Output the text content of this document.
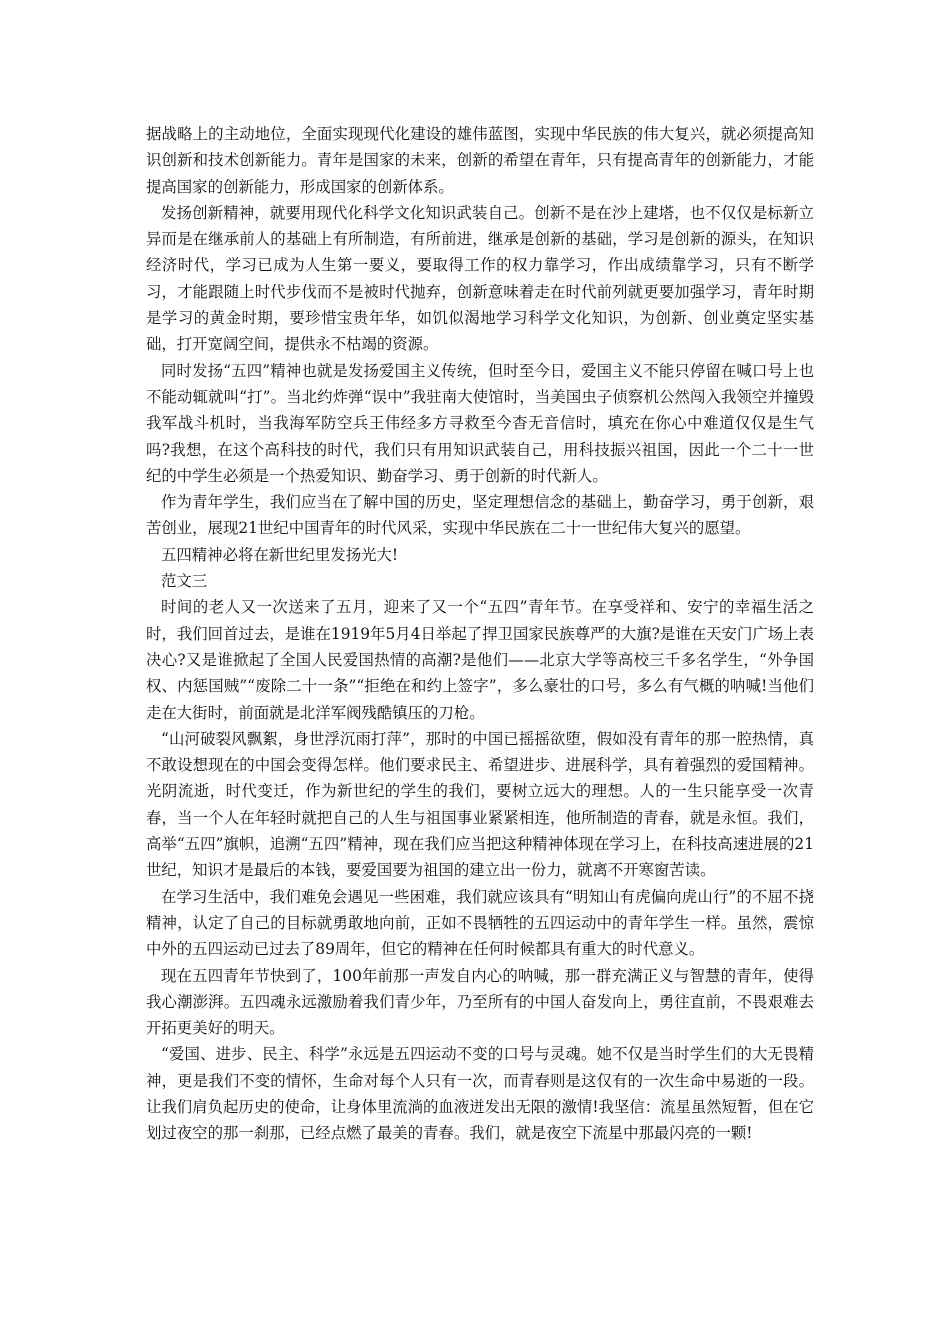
据战略上的主动地位，全面实现现代化建设的雄伟蓝图，实现中华民族的伟大复兴，就必须提高知识创新和技术创新能力。青年是国家的未来，创新的希望在青年，只有提高青年的创新能力，才能提高国家的创新能力，形成国家的创新体系。

发扬创新精神，就要用现代化科学文化知识武装自己。创新不是在沙上建塔，也不仅仅是标新立异而是在继承前人的基础上有所制造，有所前进，继承是创新的基础，学习是创新的源头，在知识经济时代，学习已成为人生第一要义，要取得工作的权力靠学习，作出成绩靠学习，只有不断学习，才能跟随上时代步伐而不是被时代抛弃，创新意味着走在时代前列就更要加强学习，青年时期是学习的黄金时期，要珍惜宝贵年华，如饥似渴地学习科学文化知识，为创新、创业奠定坚实基础，打开宽阔空间，提供永不枯竭的资源。

同时发扬“五四”精神也就是发扬爱国主义传统，但时至今日，爱国主义不能只停留在喊口号上也不能动辄就叫“打”。当北约炸弹“误中”我驻南大使馆时，当美国虫子侦察机公然闯入我领空并撞毁我军战斗机时，当我海军防空兵王伟经多方寻救至今杳无音信时，填充在你心中难道仅仅是生气吗?我想，在这个高科技的时代，我们只有用知识武装自己，用科技振兴祖国，因此一个二十一世纪的中学生必须是一个热爱知识、勤奋学习、勇于创新的时代新人。

作为青年学生，我们应当在了解中国的历史，坚定理想信念的基础上，勤奋学习，勇于创新，艰苦创业，展现21世纪中国青年的时代风采，实现中华民族在二十一世纪伟大复兴的愿望。

五四精神必将在新世纪里发扬光大!

范文三

时间的老人又一次送来了五月，迎来了又一个“五四”青年节。在享受祥和、安宁的幸福生活之时，我们回首过去，是谁在1919年5月4日举起了捍卫国家民族尊严的大旗?是谁在天安门广场上表决心?又是谁掀起了全国人民爱国热情的高潮?是他们——北京大学等高校三千多名学生，“外争国权、内惩国贼”“废除二十一条”“拒绝在和约上签字”，多么豪壮的口号，多么有气概的呐喊!当他们走在大街时，前面就是北洋军阀残酷镇压的刀枪。

“山河破裂风飘絮，身世浮沉雨打萍”，那时的中国已摇摇欲堕，假如没有青年的那一腔热情，真不敢设想现在的中国会变得怎样。他们要求民主、希望进步、进展科学，具有着强烈的爱国精神。光阴流逝，时代变迁，作为新世纪的学生的我们，要树立远大的理想。人的一生只能享受一次青春，当一个人在年轻时就把自己的人生与祖国事业紧紧相连，他所制造的青春，就是永恒。我们，高举“五四”旗帜，追溯“五四”精神，现在我们应当把这种精神体现在学习上，在科技高速进展的21世纪，知识才是最后的本钱，要爱国要为祖国的建立出一份力，就离不开寒窗苦读。

在学习生活中，我们难免会遇见一些困难，我们就应该具有“明知山有虎偏向虎山行”的不屈不挠精神，认定了自己的目标就勇敢地向前，正如不畏牺牲的五四运动中的青年学生一样。虽然，震惊中外的五四运动已过去了89周年，但它的精神在任何时候都具有重大的时代意义。

现在五四青年节快到了，100年前那一声发自内心的呐喊，那一群充满正义与智慧的青年，使得我心潮澎湃。五四魂永远激励着我们青少年，乃至所有的中国人奋发向上，勇往直前，不畏艰难去开拓更美好的明天。

“爱国、进步、民主、科学”永远是五四运动不变的口号与灵魂。她不仅是当时学生们的大无畏精神，更是我们不变的情怀，生命对每个人只有一次，而青春则是这仅有的一次生命中易逝的一段。让我们肩负起历史的使命，让身体里流淌的血液迸发出无限的激情!我坚信：流星虽然短暂，但在它划过夜空的那一刹那，已经点燃了最美的青春。我们，就是夜空下流星中那最闪亮的一颗!
